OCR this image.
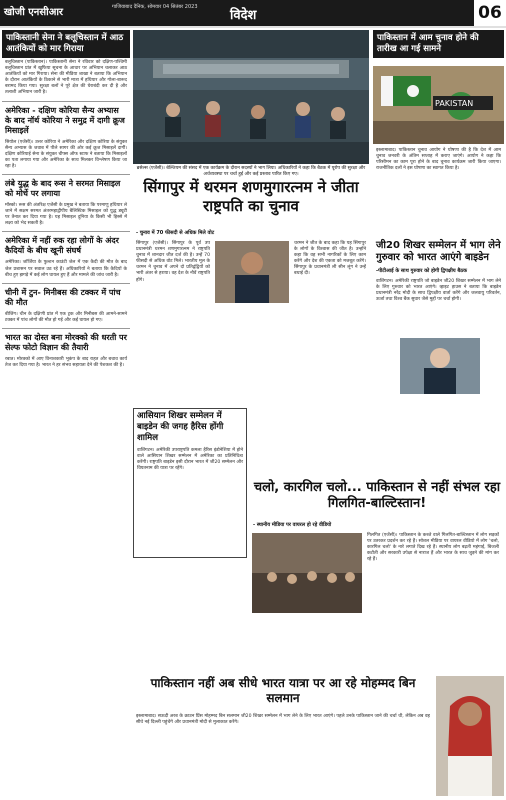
खोजी एनसीआर	गाजियाबाद दैनिक, सोमवार 04 सितंबर 2023
विदेश	06
पाकिस्तानी सेना ने बलूचिस्तान में आठ आतंकियों को मार गिराया
बलूचिस्तान (पाकिस्तान)। पाकिस्तानी सेना ने रविवार को दक्षिण-पश्चिमी बलूचिस्तान प्रांत में खुफिया सूचना के आधार पर अभियान चलाकर आठ आतंकियों को मार गिराया। सेना की मीडिया शाखा ने बताया कि अभियान के दौरान आतंकियों के ठिकाने से भारी मात्रा में हथियार और गोला-बारूद बरामद किया गया। सुरक्षा बलों ने पूरे क्षेत्र की घेराबंदी कर दी है और तलाशी अभियान जारी है।
अमेरिका - दक्षिण कोरिया सैन्य अभ्यास के बाद नॉर्थ कोरिया ने समुद्र में दागी क्रूज मिसाइलें
सियोल (एजेंसी)। उत्तर कोरिया ने अमेरिका और दक्षिण कोरिया के संयुक्त सैन्य अभ्यास के जवाब में पीले सागर की ओर कई क्रूज मिसाइलें दागीं। दक्षिण कोरियाई सेना के संयुक्त चीफ्स ऑफ स्टाफ ने बताया कि मिसाइलों का पता लगाया गया और अमेरिका के साथ मिलकर विश्लेषण किया जा रहा है।
लंबे युद्ध के बाद रूस ने सरमत मिसाइल को मोर्चे पर लगाया
मॉस्को। रूस की अंतरिक्ष एजेंसी के प्रमुख ने बताया कि परमाणु हथियार ले जाने में सक्षम सरमत अंतरमहाद्वीपीय बैलिस्टिक मिसाइल को युद्ध ड्यूटी पर तैनात कर दिया गया है। यह मिसाइल दुनिया के किसी भी हिस्से में लक्ष्य को भेद सकती है।
अमेरिका में नहीं रुक रहा लोगों के अंदर कैदियों के बीच खूनी संघर्ष
अमेरिका। जॉर्जिया के फुल्टन काउंटी जेल में एक कैदी की मौत के बाद जेल प्रशासन पर सवाल उठ रहे हैं। अधिकारियों ने बताया कि कैदियों के बीच हुए झगड़े में कई लोग घायल हुए हैं और मामले की जांच जारी है।
चीनी में टुन- मिनीबस की टक्कर में पांच की मौत
बीजिंग। चीन के दक्षिणी प्रांत में एक ट्रक और मिनीबस की आमने-सामने टक्कर में पांच लोगों की मौत हो गई और कई घायल हो गए।
भारत का दोस्त बना मोरक्को की धरती पर सेल्फ फोटो विज्ञान की तैयारी
रबात। मोरक्को में आए विनाशकारी भूकंप के बाद राहत और बचाव कार्य तेज कर दिया गया है। भारत ने हर संभव सहायता देने की पेशकश की है।
ब्रसेल्स (एजेंसी)। बेल्जियम की संसद में एक कार्यक्रम के दौरान सदस्यों ने भाग लिया। अधिकारियों ने कहा कि बैठक में यूरोप की सुरक्षा और अर्थव्यवस्था पर चर्चा हुई और कई प्रस्ताव पारित किए गए।
पाकिस्तान में आम चुनाव होने की तारीख आ गई सामने
PAKISTAN
इस्लामाबाद। पाकिस्तान चुनाव आयोग ने घोषणा की है कि देश में आम चुनाव जनवरी के अंतिम सप्ताह में कराए जाएंगे। आयोग ने कहा कि परिसीमन का काम पूरा होने के बाद चुनाव कार्यक्रम जारी किया जाएगा। राजनीतिक दलों ने इस घोषणा का स्वागत किया है।
जी20 शिखर सम्मेलन में भाग लेने गुरुवार को भारत आएंगे बाइडेन
-पीटीआई के साथ गुरुवार को होगी द्विपक्षीय बैठक
वाशिंगटन। अमेरिकी राष्ट्रपति जो बाइडेन जी20 शिखर सम्मेलन में भाग लेने के लिए गुरुवार को भारत आएंगे। व्हाइट हाउस ने बताया कि बाइडेन प्रधानमंत्री नरेंद्र मोदी के साथ द्विपक्षीय वार्ता करेंगे और जलवायु परिवर्तन, ऊर्जा तथा विश्व बैंक सुधार जैसे मुद्दों पर चर्चा होगी।
सिंगापुर में थरमन शणमुगारत्नम ने जीता राष्ट्रपति का चुनाव
- चुनाव में 70 फीसदी से अधिक मिले वोट
सिंगापुर (एजेंसी)। सिंगापुर के पूर्व उप प्रधानमंत्री थरमन शणमुगारत्नम ने राष्ट्रपति चुनाव में शानदार जीत दर्ज की है। उन्हें 70 फीसदी से अधिक वोट मिले। भारतीय मूल के थरमन ने चुनाव में अपने दो प्रतिद्वंद्वियों को भारी अंतर से हराया। वह देश के नौवें राष्ट्रपति होंगे।
थरमन ने जीत के बाद कहा कि यह सिंगापुर के लोगों के विश्वास की जीत है। उन्होंने कहा कि वह सभी नागरिकों के लिए काम करेंगे और देश की एकता को मजबूत करेंगे। सिंगापुर के प्रधानमंत्री ली सीन लूंग ने उन्हें बधाई दी।
आसियान शिखर सम्मेलन में बाइडेन की जगह हैरिस होंगी शामिल
वाशिंगटन। अमेरिकी उपराष्ट्रपति कमला हैरिस इंडोनेशिया में होने वाले आसियान शिखर सम्मेलन में अमेरिका का प्रतिनिधित्व करेंगी। राष्ट्रपति बाइडेन इसी दौरान भारत में जी20 सम्मेलन और वियतनाम की यात्रा पर रहेंगे।
चलो, कारगिल चलो... पाकिस्तान से नहीं संभल रहा गिलगित-बाल्टिस्तान!
- स्थानीय मीडिया पर वायरल हो रहे वीडियो
गिलगित (एजेंसी)। पाकिस्तान के कब्जे वाले गिलगित-बाल्टिस्तान में लोग सड़कों पर उतरकर प्रदर्शन कर रहे हैं। सोशल मीडिया पर वायरल वीडियो में लोग 'चलो, कारगिल चलो' के नारे लगाते दिख रहे हैं। स्थानीय लोग बढ़ती महंगाई, बिजली कटौती और सरकारी उपेक्षा से नाराज हैं और भारत के साथ जुड़ने की मांग कर रहे हैं।
पाकिस्तान नहीं अब सीधे भारत यात्रा पर आ रहे मोहम्मद बिन सलमान
इस्लामाबाद। सऊदी अरब के क्राउन प्रिंस मोहम्मद बिन सलमान जी20 शिखर सम्मेलन में भाग लेने के लिए भारत आएंगे। पहले उनके पाकिस्तान जाने की चर्चा थी, लेकिन अब वह सीधे नई दिल्ली पहुंचेंगे और प्रधानमंत्री मोदी से मुलाकात करेंगे।
